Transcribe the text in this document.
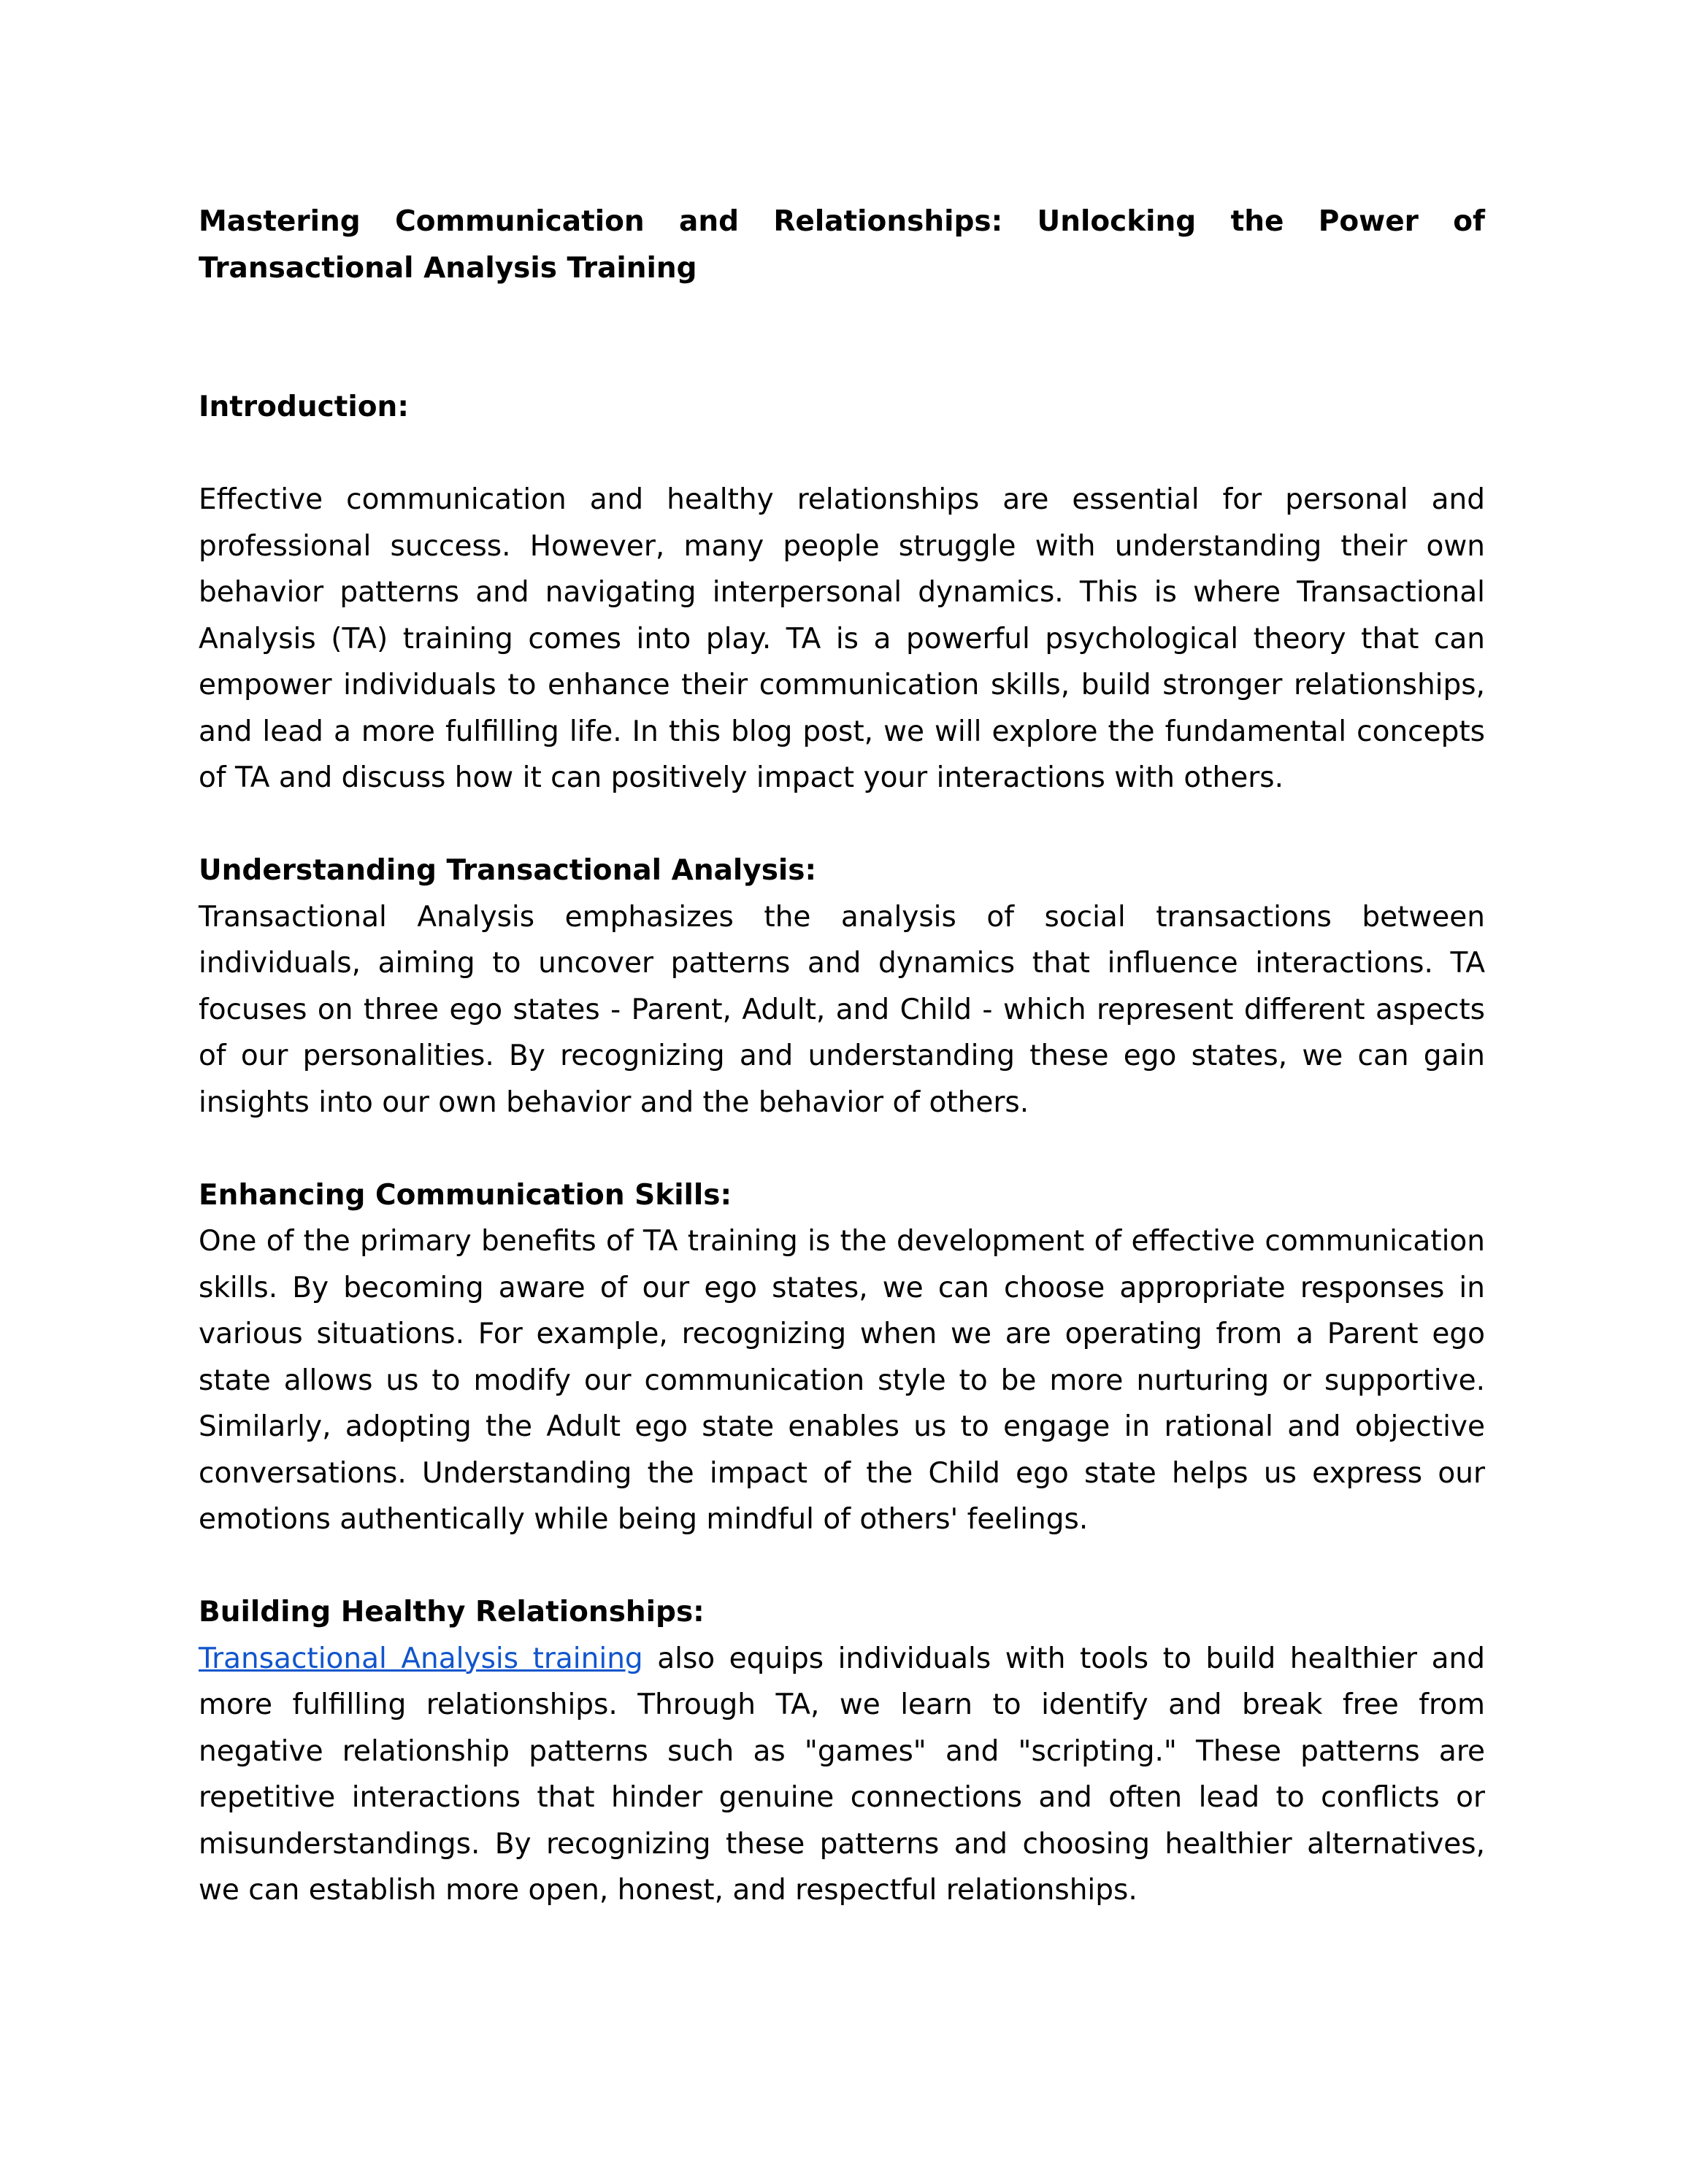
Mastering Communication and Relationships: Unlocking the Power of Transactional Analysis Training

Introduction:

Effective communication and healthy relationships are essential for personal and professional success. However, many people struggle with understanding their own behavior patterns and navigating interpersonal dynamics. This is where Transactional Analysis (TA) training comes into play. TA is a powerful psychological theory that can empower individuals to enhance their communication skills, build stronger relationships, and lead a more fulfilling life. In this blog post, we will explore the fundamental concepts of TA and discuss how it can positively impact your interactions with others.

Understanding Transactional Analysis:

Transactional Analysis emphasizes the analysis of social transactions between individuals, aiming to uncover patterns and dynamics that influence interactions. TA focuses on three ego states - Parent, Adult, and Child - which represent different aspects of our personalities. By recognizing and understanding these ego states, we can gain insights into our own behavior and the behavior of others.

Enhancing Communication Skills:

One of the primary benefits of TA training is the development of effective communication skills. By becoming aware of our ego states, we can choose appropriate responses in various situations. For example, recognizing when we are operating from a Parent ego state allows us to modify our communication style to be more nurturing or supportive. Similarly, adopting the Adult ego state enables us to engage in rational and objective conversations. Understanding the impact of the Child ego state helps us express our emotions authentically while being mindful of others' feelings.

Building Healthy Relationships:

Transactional Analysis training also equips individuals with tools to build healthier and more fulfilling relationships. Through TA, we learn to identify and break free from negative relationship patterns such as "games" and "scripting." These patterns are repetitive interactions that hinder genuine connections and often lead to conflicts or misunderstandings. By recognizing these patterns and choosing healthier alternatives, we can establish more open, honest, and respectful relationships.
